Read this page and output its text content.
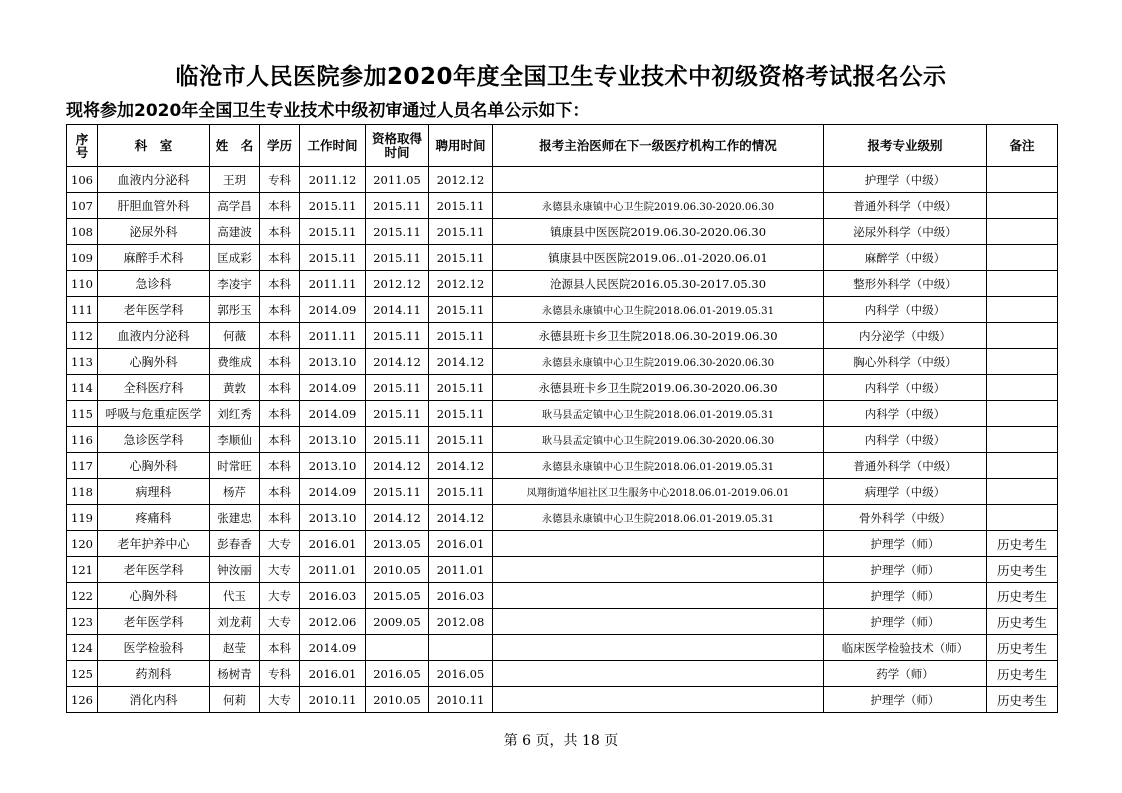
临沧市人民医院参加2020年度全国卫生专业技术中初级资格考试报名公示
现将参加2020年全国卫生专业技术中级初审通过人员名单公示如下：
序号	科　室	姓　名	学历	工作时间	资格取得时间	聘用时间	报考主治医师在下一级医疗机构工作的情况	报考专业级别	备注
106	血液内分泌科	王玥	专科	2011.12	2011.05	2012.12		护理学（中级）	
107	肝胆血管外科	高学昌	本科	2015.11	2015.11	2015.11	永德县永康镇中心卫生院2019.06.30-2020.06.30	普通外科学（中级）	
108	泌尿外科	高建波	本科	2015.11	2015.11	2015.11	镇康县中医医院2019.06.30-2020.06.30	泌尿外科学（中级）	
109	麻醉手术科	匡成彩	本科	2015.11	2015.11	2015.11	镇康县中医医院2019.06..01-2020.06.01	麻醉学（中级）	
110	急诊科	李凌宇	本科	2011.11	2012.12	2012.12	沧源县人民医院2016.05.30-2017.05.30	整形外科学（中级）	
111	老年医学科	郭彤玉	本科	2014.09	2014.11	2015.11	永德县永康镇中心卫生院2018.06.01-2019.05.31	内科学（中级）	
112	血液内分泌科	何薇	本科	2011.11	2015.11	2015.11	永德县班卡乡卫生院2018.06.30-2019.06.30	内分泌学（中级）	
113	心胸外科	费维成	本科	2013.10	2014.12	2014.12	永德县永康镇中心卫生院2019.06.30-2020.06.30	胸心外科学（中级）	
114	全科医疗科	黄敦	本科	2014.09	2015.11	2015.11	永德县班卡乡卫生院2019.06.30-2020.06.30	内科学（中级）	
115	呼吸与危重症医学	刘红秀	本科	2014.09	2015.11	2015.11	耿马县孟定镇中心卫生院2018.06.01-2019.05.31	内科学（中级）	
116	急诊医学科	李顺仙	本科	2013.10	2015.11	2015.11	耿马县孟定镇中心卫生院2019.06.30-2020.06.30	内科学（中级）	
117	心胸外科	时常旺	本科	2013.10	2014.12	2014.12	永德县永康镇中心卫生院2018.06.01-2019.05.31	普通外科学（中级）	
118	病理科	杨芹	本科	2014.09	2015.11	2015.11	凤翔街道华旭社区卫生服务中心2018.06.01-2019.06.01	病理学（中级）	
119	疼痛科	张建忠	本科	2013.10	2014.12	2014.12	永德县永康镇中心卫生院2018.06.01-2019.05.31	骨外科学（中级）	
120	老年护养中心	彭春香	大专	2016.01	2013.05	2016.01		护理学（师）	历史考生
121	老年医学科	钟汝丽	大专	2011.01	2010.05	2011.01		护理学（师）	历史考生
122	心胸外科	代玉	大专	2016.03	2015.05	2016.03		护理学（师）	历史考生
123	老年医学科	刘龙莉	大专	2012.06	2009.05	2012.08		护理学（师）	历史考生
124	医学检验科	赵莹	本科	2014.09				临床医学检验技术（师）	历史考生
125	药剂科	杨树青	专科	2016.01	2016.05	2016.05		药学（师）	历史考生
126	消化内科	何莉	大专	2010.11	2010.05	2010.11		护理学（师）	历史考生
第 6 页，共 18 页
